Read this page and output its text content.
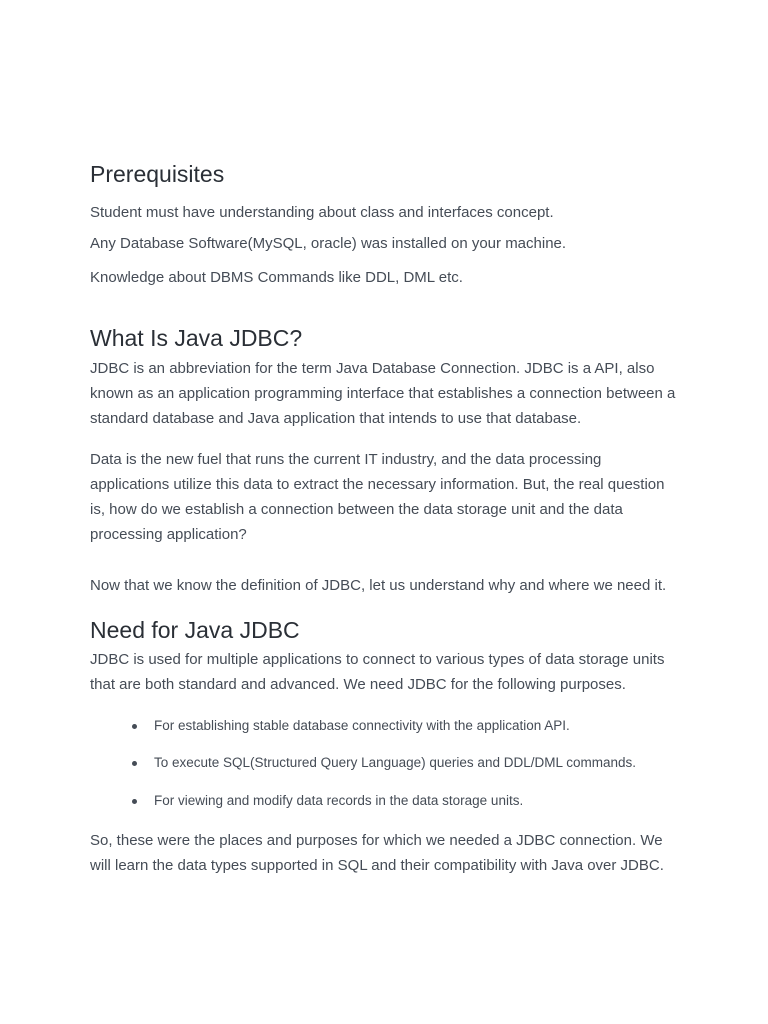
Prerequisites

Student must have understanding about class and interfaces concept.

Any Database Software(MySQL, oracle) was installed on your machine.

Knowledge about DBMS Commands like DDL, DML etc.

What Is Java JDBC?

JDBC is an abbreviation for the term Java Database Connection. JDBC is a API, also known as an application programming interface that establishes a connection between a standard database and Java application that intends to use that database.

Data is the new fuel that runs the current IT industry, and the data processing applications utilize this data to extract the necessary information. But, the real question is, how do we establish a connection between the data storage unit and the data processing application?

Now that we know the definition of JDBC, let us understand why and where we need it.

Need for Java JDBC

JDBC is used for multiple applications to connect to various types of data storage units that are both standard and advanced. We need JDBC for the following purposes.

For establishing stable database connectivity with the application API.
To execute SQL(Structured Query Language) queries and DDL/DML commands.
For viewing and modify data records in the data storage units.

So, these were the places and purposes for which we needed a JDBC connection. We will learn the data types supported in SQL and their compatibility with Java over JDBC.
